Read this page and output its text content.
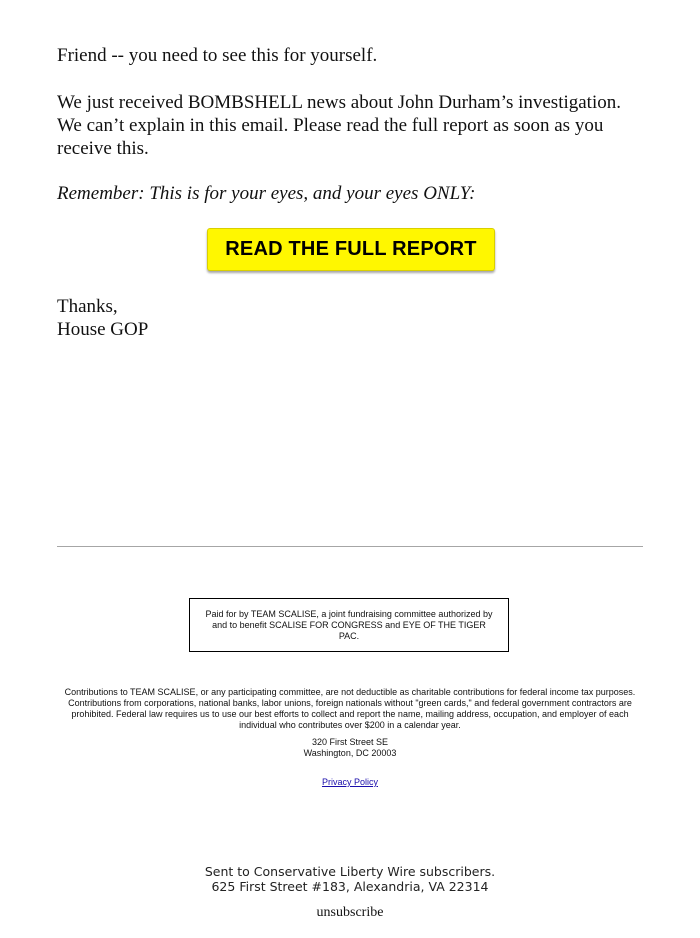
Friend -- you need to see this for yourself.

We just received BOMBSHELL news about John Durham’s investigation. We can’t explain in this email. Please read the full report as soon as you receive this.

Remember: This is for your eyes, and your eyes ONLY:

Thanks,
House GOP

READ THE FULL REPORT
Paid for by TEAM SCALISE, a joint fundraising committee authorized by and to benefit SCALISE FOR CONGRESS and EYE OF THE TIGER PAC.

Contributions to TEAM SCALISE, or any participating committee, are not deductible as charitable contributions for federal income tax purposes. Contributions from corporations, national banks, labor unions, foreign nationals without "green cards," and federal government contractors are prohibited. Federal law requires us to use our best efforts to collect and report the name, mailing address, occupation, and employer of each individual who contributes over $200 in a calendar year.

320 First Street SE
Washington, DC 20003

Privacy Policy
Sent to Conservative Liberty Wire subscribers.
625 First Street #183, Alexandria, VA 22314
unsubscribe
